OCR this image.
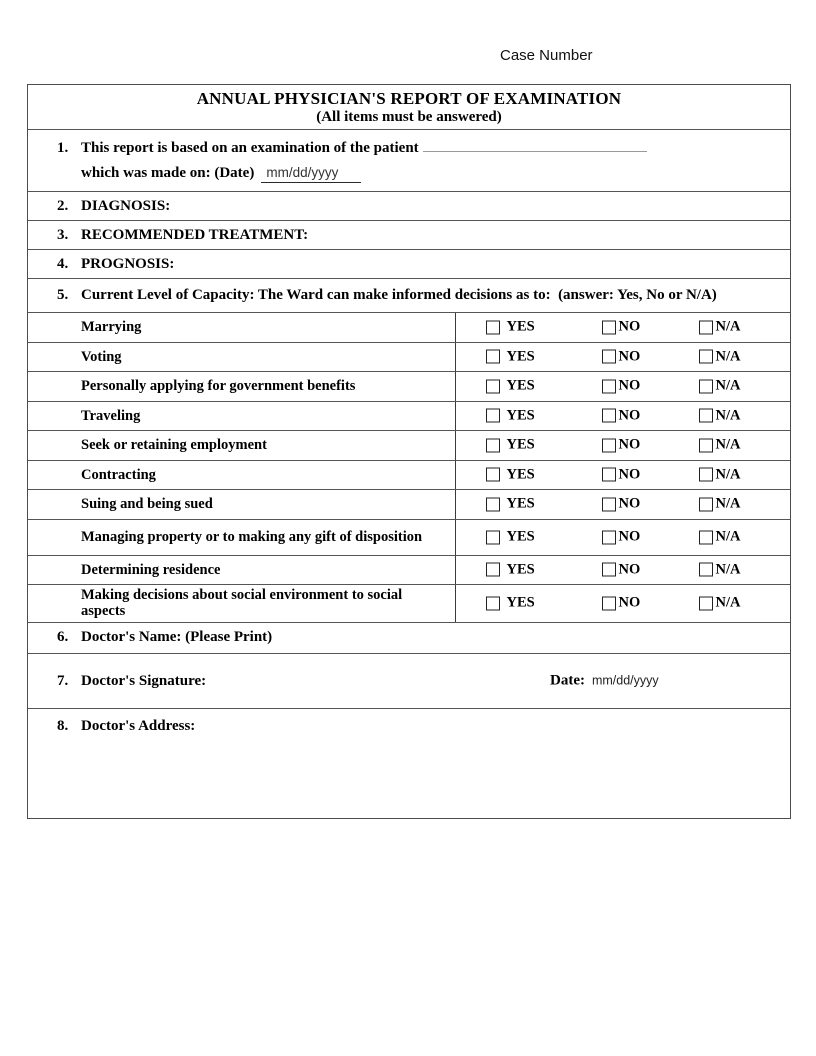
Case Number
ANNUAL PHYSICIAN'S REPORT OF EXAMINATION
(All items must be answered)
1. This report is based on an examination of the patient
which was made on: (Date) mm/dd/yyyy
2. DIAGNOSIS:
3. RECOMMENDED TREATMENT:
4. PROGNOSIS:
5. Current Level of Capacity: The Ward can make informed decisions as to:  (answer: Yes, No or N/A)
Marrying	YES	NO	N/A
Voting	YES	NO	N/A
Personally applying for government benefits	YES	NO	N/A
Traveling	YES	NO	N/A
Seek or retaining employment	YES	NO	N/A
Contracting	YES	NO	N/A
Suing and being sued	YES	NO	N/A
Managing property or to making any gift of disposition	YES	NO	N/A
Determining residence	YES	NO	N/A
Making decisions about social environment to social aspects
YES	NO	N/A
6. Doctor's Name: (Please Print)
7. Doctor's Signature:	Date: mm/dd/yyyy
8. Doctor's Address:
